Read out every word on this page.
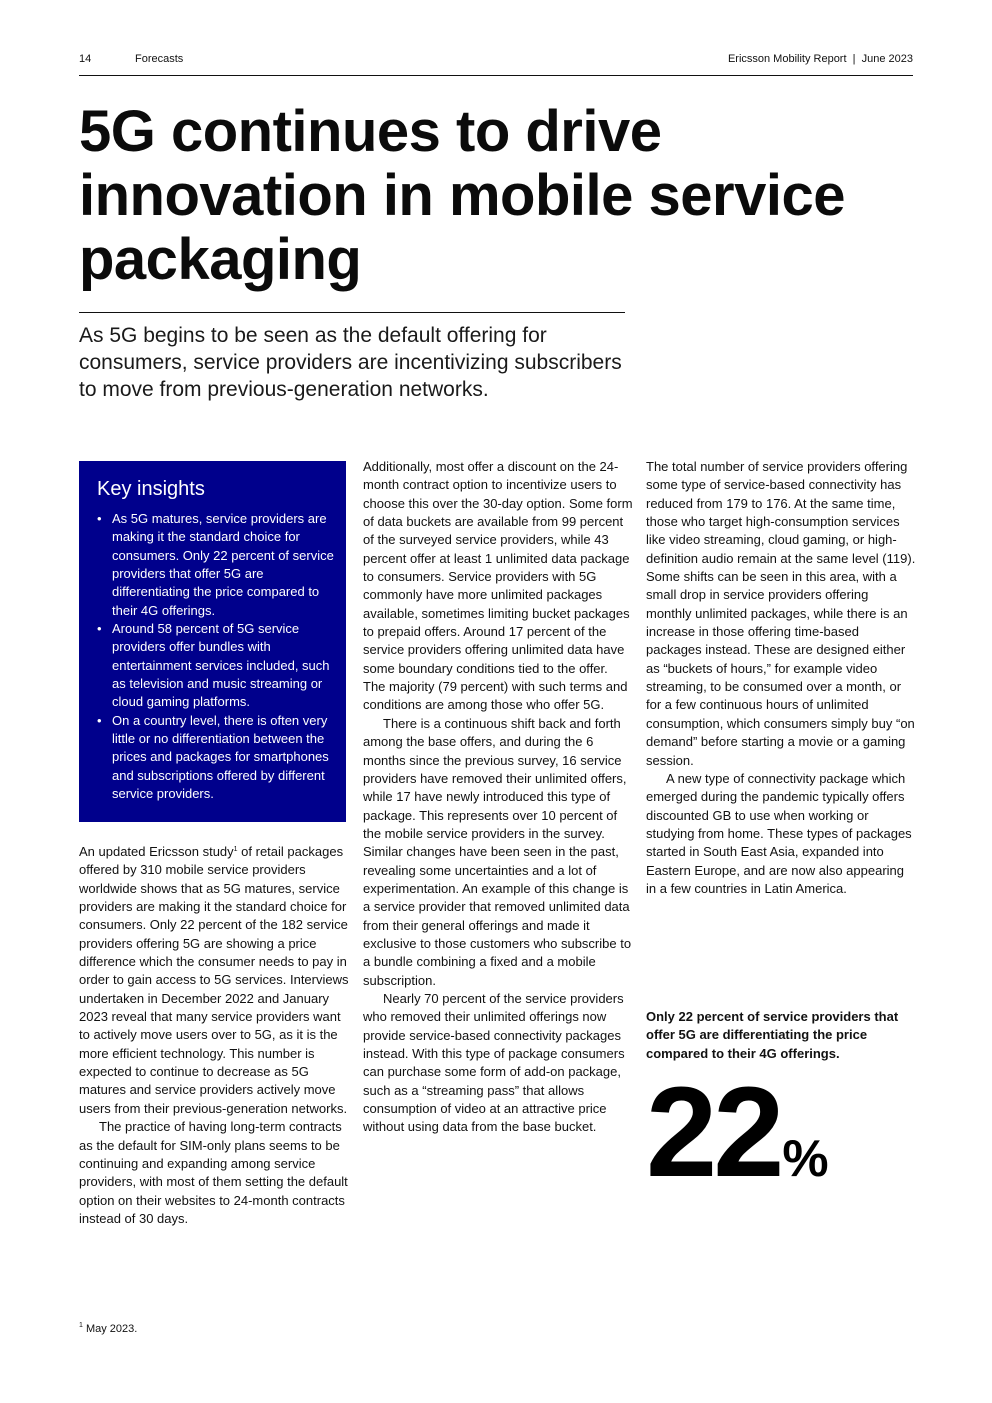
14	Forecasts	Ericsson Mobility Report  |  June 2023
5G continues to drive innovation in mobile service packaging

As 5G begins to be seen as the default offering for consumers, service providers are incentivizing subscribers to move from previous-generation networks.

Key insights
• As 5G matures, service providers are making it the standard choice for consumers. Only 22 percent of service providers that offer 5G are differentiating the price compared to their 4G offerings.
• Around 58 percent of 5G service providers offer bundles with entertainment services included, such as television and music streaming or cloud gaming platforms.
• On a country level, there is often very little or no differentiation between the prices and packages for smartphones and subscriptions offered by different service providers.

An updated Ericsson study$^1$ of retail packages offered by 310 mobile service providers worldwide shows that as 5G matures, service providers are making it the standard choice for consumers. Only 22 percent of the 182 service providers offering 5G are showing a price difference which the consumer needs to pay in order to gain access to 5G services. Interviews undertaken in December 2022 and January 2023 reveal that many service providers want to actively move users over to 5G, as it is the more efficient technology. This number is expected to continue to decrease as 5G matures and service providers actively move users from their previous-generation networks.

The practice of having long-term contracts as the default for SIM-only plans seems to be continuing and expanding among service providers, with most of them setting the default option on their websites to 24-month contracts instead of 30 days.

Additionally, most offer a discount on the 24-month contract option to incentivize users to choose this over the 30-day option. Some form of data buckets are available from 99 percent of the surveyed service providers, while 43 percent offer at least 1 unlimited data package to consumers. Service providers with 5G commonly have more unlimited packages available, sometimes limiting bucket packages to prepaid offers. Around 17 percent of the service providers offering unlimited data have some boundary conditions tied to the offer. The majority (79 percent) with such terms and conditions are among those who offer 5G.

There is a continuous shift back and forth among the base offers, and during the 6 months since the previous survey, 16 service providers have removed their unlimited offers, while 17 have newly introduced this type of package. This represents over 10 percent of the mobile service providers in the survey. Similar changes have been seen in the past, revealing some uncertainties and a lot of experimentation. An example of this change is a service provider that removed unlimited data from their general offerings and made it exclusive to those customers who subscribe to a bundle combining a fixed and a mobile subscription.

Nearly 70 percent of the service providers who removed their unlimited offerings now provide service-based connectivity packages instead. With this type of package consumers can purchase some form of add-on package, such as a “streaming pass” that allows consumption of video at an attractive price without using data from the base bucket.

The total number of service providers offering some type of service-based connectivity has reduced from 179 to 176. At the same time, those who target high-consumption services like video streaming, cloud gaming, or high-definition audio remain at the same level (119). Some shifts can be seen in this area, with a small drop in service providers offering monthly unlimited packages, while there is an increase in those offering time-based packages instead. These are designed either as “buckets of hours,” for example video streaming, to be consumed over a month, or for a few continuous hours of unlimited consumption, which consumers simply buy “on demand” before starting a movie or a gaming session.

A new type of connectivity package which emerged during the pandemic typically offers discounted GB to use when working or studying from home. These types of packages started in South East Asia, expanded into Eastern Europe, and are now also appearing in a few countries in Latin America.

Only 22 percent of service providers that offer 5G are differentiating the price compared to their 4G offerings.

22%
$^1$ May 2023.
